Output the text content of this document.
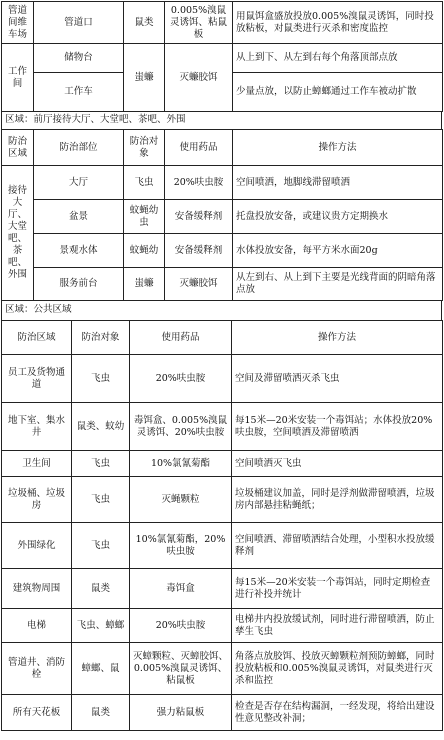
管道间维车场	管道口	鼠类	0.005%溴鼠灵诱饵、粘鼠板	用鼠饵盒盛放投放0.005%溴鼠灵诱饵，同时投放粘板，对鼠类进行灭杀和密度监控
工作间	储物台	蚩蠊	灭蠊胶饵	从上到下、从左到右每个角落顶部点放
	工作车			少量点放，以防止蟑螂通过工作车被动扩散
区域：前厅接待大厅、大堂吧、茶吧、外围
防治区域	防治部位	防治对象	使用药品	操作方法
接待大厅、大堂吧、茶吧、外围	大厅	飞虫	20%呋虫胺	空间喷洒，地脚线滞留喷洒
	盆景	蚊蝇幼虫	安备缓释剂	托盘投放安备，或建议贵方定期换水
	景观水体	蚊蝇幼	安备缓释剂	水体投放安备，每平方米水面20g
	服务前台	蚩蠊	灭蠊胶饵	从左到右、从上到下主要是光线背面的阴暗角落点放
区域：公共区域
防治区域	防治对象	使用药品	操作方法
员工及货物通道	飞虫	20%呋虫胺	空间及滞留喷洒灭杀飞虫
地下室、集水井	鼠类、蚊幼	毒饵盒、0.005%溴鼠灵诱饵、20%呋虫胺	每15米—20米安装一个毒饵站；水体投放20%呋虫胺，空间喷洒及滞留喷洒
卫生间	飞虫	10%氯氰菊酯	空间喷洒灭飞虫
垃圾桶、垃圾房	飞虫	灭蝇颗粒	垃圾桶建议加盖，同时是浮剂做滞留喷洒，垃圾房内部悬挂粘蝇纸；
外围绿化	飞虫	10%氯氰菊酯，20%呋虫胺	空间喷洒、滞留喷洒结合处理，小型积水投放缓释剂
建筑物周围	鼠类	毒饵盒	每15米—20米安装一个毒饵站，同时定期检查进行补投并统计
电梯	飞虫、蟑螂	20%呋虫胺	电梯井内投放缓试剂，同时进行滞留喷洒，防止孳生飞虫
管道井、消防栓	蟑螂、鼠	灭蟑颗粒、灭蟑胶饵、0.005%溴鼠灵诱饵、粘鼠板	角落点放胶饵、投放灭蟑颗粒剂预防蟑螂，同时投放粘板和0.005%溴鼠灵诱饵，对鼠类进行灭杀和监控
所有天花板	鼠类	强力粘鼠板	检查是否存在结构漏洞，一经发现，将给出建设性意见整改补洞；
